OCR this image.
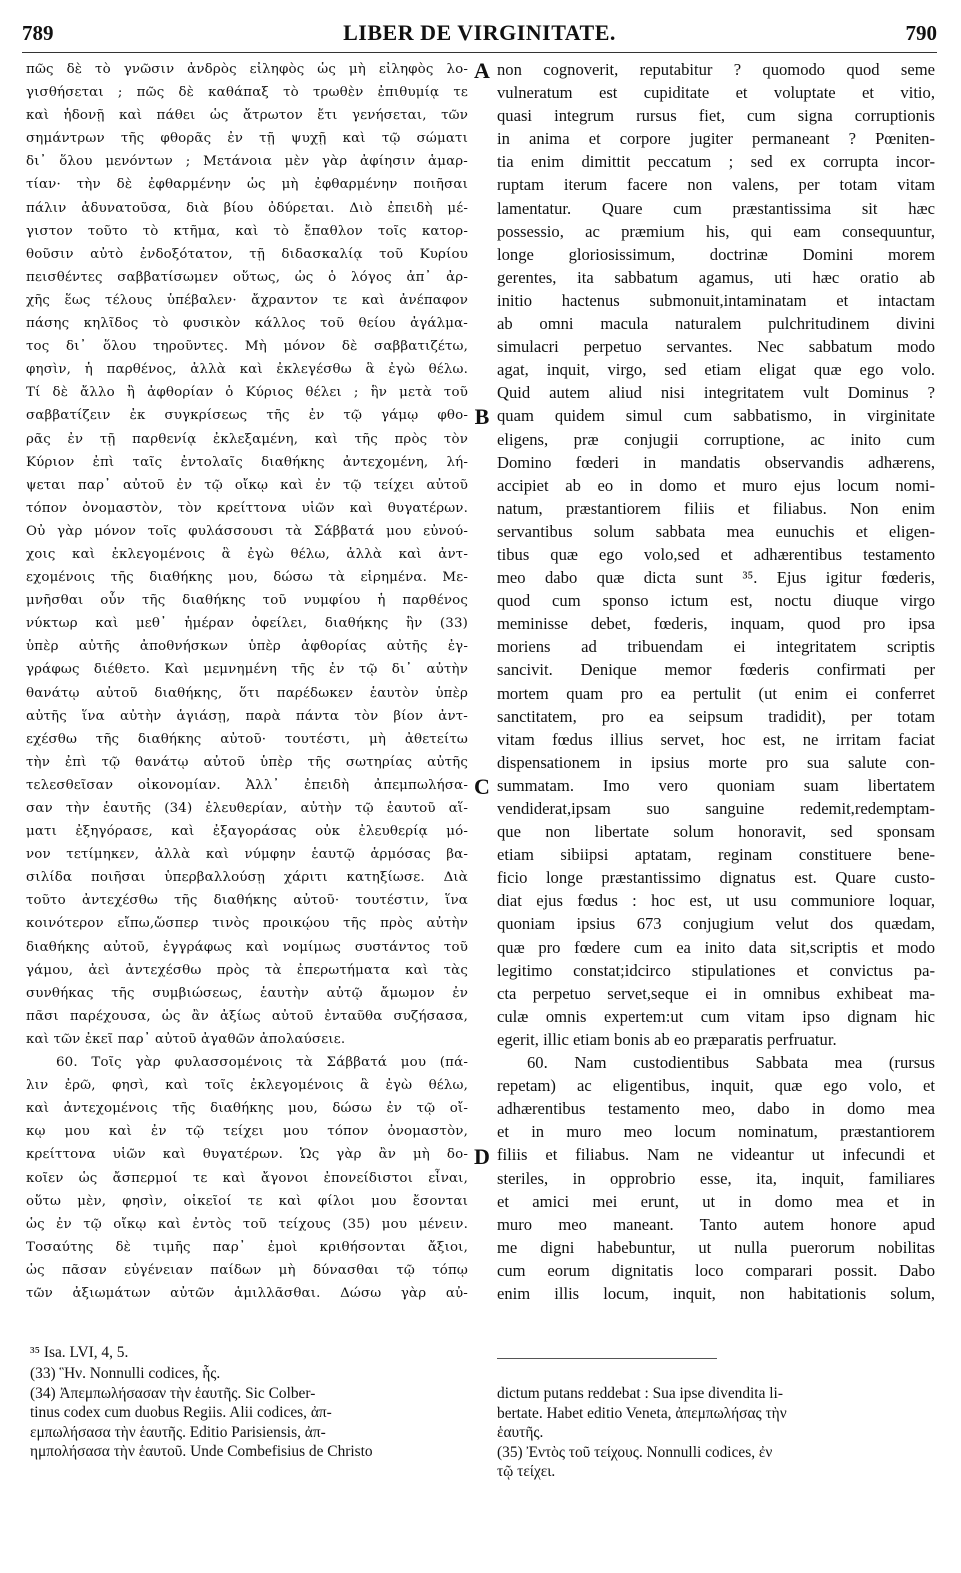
789	LIBER DE VIRGINITATE.	790
πῶς δὲ τὸ γνῶσιν ἀνδρὸς εἰληφὸς ὡς μὴ εἰληφὸς λο-
γισθήσεται ; πῶς δὲ καθάπαξ τὸ τρωθὲν ἐπιθυμίᾳ τε
καὶ ἡδονῇ καὶ πάθει ὡς ἄτρωτον ἔτι γενήσεται, τῶν
σημάντρων τῆς φθορᾶς ἐν τῇ ψυχῇ καὶ τῷ σώματι
δι᾽ ὅλου μενόντων ; Μετάνοια μὲν γὰρ ἀφίησιν ἁμαρ-
τίαν· τὴν δὲ ἐφθαρμένην ὡς μὴ ἐφθαρμένην ποιῆσαι
πάλιν ἀδυνατοῦσα, διὰ βίου ὀδύρεται. Διὸ ἐπειδὴ μέ-
γιστον τοῦτο τὸ κτῆμα, καὶ τὸ ἔπαθλον τοῖς κατορ-
θοῦσιν αὐτὸ ἐνδοξότατον, τῇ διδασκαλίᾳ τοῦ Κυρίου
πεισθέντες σαββατίσωμεν οὕτως, ὡς ὁ λόγος ἀπ᾽ ἀρ-
χῆς ἕως τέλους ὑπέβαλεν· ἄχραντον τε καὶ ἀνέπαφον
πάσης κηλῖδος τὸ φυσικὸν κάλλος τοῦ θείου ἀγάλμα-
τος δι᾽ ὅλου τηροῦντες. Μὴ μόνον δὲ σαββατιζέτω,
φησὶν, ἡ παρθένος, ἀλλὰ καὶ ἐκλεγέσθω ἃ ἐγὼ θέλω.
Τί δὲ ἄλλο ἢ ἀφθορίαν ὁ Κύριος θέλει ; ἣν μετὰ τοῦ
σαββατίζειν ἐκ συγκρίσεως τῆς ἐν τῷ γάμῳ φθο-
ρᾶς ἐν τῇ παρθενίᾳ ἐκλεξαμένη, καὶ τῆς πρὸς τὸν
Κύριον ἐπὶ ταῖς ἐντολαῖς διαθήκης ἀντεχομένη, λή-
ψεται παρ᾽ αὐτοῦ ἐν τῷ οἴκῳ καὶ ἐν τῷ τείχει αὐτοῦ
τόπον ὀνομαστὸν, τὸν κρείττονα υἱῶν καὶ θυγατέρων.
Οὐ γὰρ μόνον τοῖς φυλάσσουσι τὰ Σάββατά μου εὐνού-
χοις καὶ ἐκλεγομένοις ἃ ἐγὼ θέλω, ἀλλὰ καὶ ἀντ-
εχομένοις τῆς διαθήκης μου, δώσω τὰ εἰρημένα. Με-
μνῆσθαι οὖν τῆς διαθήκης τοῦ νυμφίου ἡ παρθένος
νύκτωρ καὶ μεθ᾽ ἡμέραν ὀφείλει, διαθήκης ἣν (33)
ὑπὲρ αὐτῆς ἀποθνήσκων ὑπὲρ ἀφθορίας αὐτῆς ἐγ-
γράφως διέθετο. Καὶ μεμνημένη τῆς ἐν τῷ δι᾽ αὐτὴν
θανάτῳ αὐτοῦ διαθήκης, ὅτι παρέδωκεν ἑαυτὸν ὑπὲρ
αὐτῆς ἵνα αὐτὴν ἁγιάσῃ, παρὰ πάντα τὸν βίον ἀντ-
εχέσθω τῆς διαθήκης αὐτοῦ· τουτέστι, μὴ ἀθετείτω
τὴν ἐπὶ τῷ θανάτῳ αὐτοῦ ὑπὲρ τῆς σωτηρίας αὐτῆς
τελεσθεῖσαν οἰκονομίαν. Ἀλλ᾽ ἐπειδὴ ἀπεμπωλήσα-
σαν τὴν ἑαυτῆς (34) ἐλευθερίαν, αὐτὴν τῷ ἑαυτοῦ αἵ-
ματι ἐξηγόρασε, καὶ ἐξαγοράσας οὐκ ἐλευθερίᾳ μό-
νον τετίμηκεν, ἀλλὰ καὶ νύμφην ἑαυτῷ ἁρμόσας βα-
σιλίδα ποιῆσαι ὑπερβαλλούσῃ χάριτι κατηξίωσε. Διὰ
τοῦτο ἀντεχέσθω τῆς διαθήκης αὐτοῦ· τουτέστιν, ἵνα
κοινότερον εἴπω,ὥσπερ τινὸς προικῴου τῆς πρὸς αὐτὴν
διαθήκης αὐτοῦ, ἐγγράφως καὶ νομίμως συστάντος τοῦ
γάμου, ἀεὶ ἀντεχέσθω πρὸς τὰ ἐπερωτήματα καὶ τὰς
συνθήκας τῆς συμβιώσεως, ἑαυτὴν αὐτῷ ἄμωμον ἐν
πᾶσι παρέχουσα, ὡς ἂν ἀξίως αὐτοῦ ἐνταῦθα συζήσασα,
καὶ τῶν ἐκεῖ παρ᾽ αὐτοῦ ἀγαθῶν ἀπολαύσειε.
60. Τοῖς γὰρ φυλασσομένοις τὰ Σάββατά μου (πά-
λιν ἐρῶ, φησὶ, καὶ τοῖς ἐκλεγομένοις ἃ ἐγὼ θέλω,
καὶ ἀντεχομένοις τῆς διαθήκης μου, δώσω ἐν τῷ οἴ-
κῳ μου καὶ ἐν τῷ τείχει μου τόπον ὀνομαστὸν,
κρείττονα υἱῶν καὶ θυγατέρων. Ὡς γὰρ ἂν μὴ δο-
κοῖεν ὡς ἄσπερμοί τε καὶ ἄγονοι ἐπονείδιστοι εἶναι,
οὕτω μὲν, φησὶν, οἰκεῖοί τε καὶ φίλοι μου ἔσονται
ὡς ἐν τῷ οἴκῳ καὶ ἐντὸς τοῦ τείχους (35) μου μένειν.
Τοσαύτης δὲ τιμῆς παρ᾽ ἐμοὶ κριθήσονται ἄξιοι,
ὡς πᾶσαν εὐγένειαν παίδων μὴ δύνασθαι τῷ τόπῳ
τῶν ἀξιωμάτων αὐτῶν ἁμιλλᾶσθαι. Δώσω γὰρ αὐ-
non cognoverit, reputabitur ? quomodo quod seme
vulneratum est cupiditate et voluptate et vitio,
quasi integrum rursus fiet, cum signa corruptionis
in anima et corpore jugiter permaneant ? Pœniten-
tia enim dimittit peccatum ; sed ex corrupta incor-
ruptam iterum facere non valens, per totam vitam
lamentatur. Quare cum præstantissima sit hæc
possessio, ac præmium his, qui eam consequuntur,
longe gloriosissimum, doctrinæ Domini morem
gerentes, ita sabbatum agamus, uti hæc oratio ab
initio hactenus submonuit,intaminatam et intactam
ab omni macula naturalem pulchritudinem divini
simulacri perpetuo servantes. Nec sabbatum modo
agat, inquit, virgo, sed etiam eligat quæ ego volo.
Quid autem aliud nisi integritatem vult Dominus ?
quam quidem simul cum sabbatismo, in virginitate
eligens, præ conjugii corruptione, ac inito cum
Domino fœderi in mandatis observandis adhærens,
accipiet ab eo in domo et muro ejus locum nomi-
natum, præstantiorem filiis et filiabus. Non enim
servantibus solum sabbata mea eunuchis et eligen-
tibus quæ ego volo,sed et adhærentibus testamento
meo dabo quæ dicta sunt ³⁵. Ejus igitur fœderis,
quod cum sponso ictum est, noctu diuque virgo
meminisse debet, fœderis, inquam, quod pro ipsa
moriens ad tribuendam ei integritatem scriptis
sancivit. Denique memor fœderis confirmati per
mortem quam pro ea pertulit (ut enim ei conferret
sanctitatem, pro ea seipsum tradidit), per totam
vitam fœdus illius servet, hoc est, ne irritam faciat
dispensationem in ipsius morte pro sua salute con-
summatam. Imo vero quoniam suam libertatem
vendiderat,ipsam suo sanguine redemit,redemptam-
que non libertate solum honoravit, sed sponsam
etiam sibiipsi aptatam, reginam constituere bene-
ficio longe præstantissimo dignatus est. Quare custo-
diat ejus fœdus : hoc est, ut usu communiore loquar,
quoniam ipsius 673 conjugium velut dos quædam,
quæ pro fœdere cum ea inito data sit,scriptis et modo
legitimo constat;idcirco stipulationes et convictus pa-
cta perpetuo servet,seque ei in omnibus exhibeat ma-
culæ omnis expertem:ut cum vitam ipso dignam hic
egerit, illic etiam bonis ab eo præparatis perfruatur.
60. Nam custodientibus Sabbata mea (rursus
repetam) ac eligentibus, inquit, quæ ego volo, et
adhærentibus testamento meo, dabo in domo mea
et in muro meo locum nominatum, præstantiorem
filiis et filiabus. Nam ne videantur ut infecundi et
steriles, in opprobrio esse, ita, inquit, familiares
et amici mei erunt, ut in domo mea et in
muro meo maneant. Tanto autem honore apud
me digni habebuntur, ut nulla puerorum nobilitas
cum eorum dignitatis loco comparari possit. Dabo
enim illis locum, inquit, non habitationis solum,
A
B
C
D
³⁵ Isa. LVI, 4, 5.
(33) Ἣν. Nonnulli codices, ἧς.
(34) Ἀπεμπωλήσασαν τὴν ἑαυτῆς. Sic Colber-
tinus codex cum duobus Regiis. Alii codices, ἀπ-
εμπωλήσασα τὴν ἑαυτῆς. Editio Parisiensis, ἀπ-
ημπολήσασα τὴν ἑαυτοῦ. Unde Combefisius de Christo
dictum putans reddebat : Sua ipse divendita li-
bertate. Habet editio Veneta, ἀπεμπωλήσας τὴν
ἑαυτῆς.
(35) Ἐντὸς τοῦ τείχους. Nonnulli codices, ἐν
τῷ τείχει.
